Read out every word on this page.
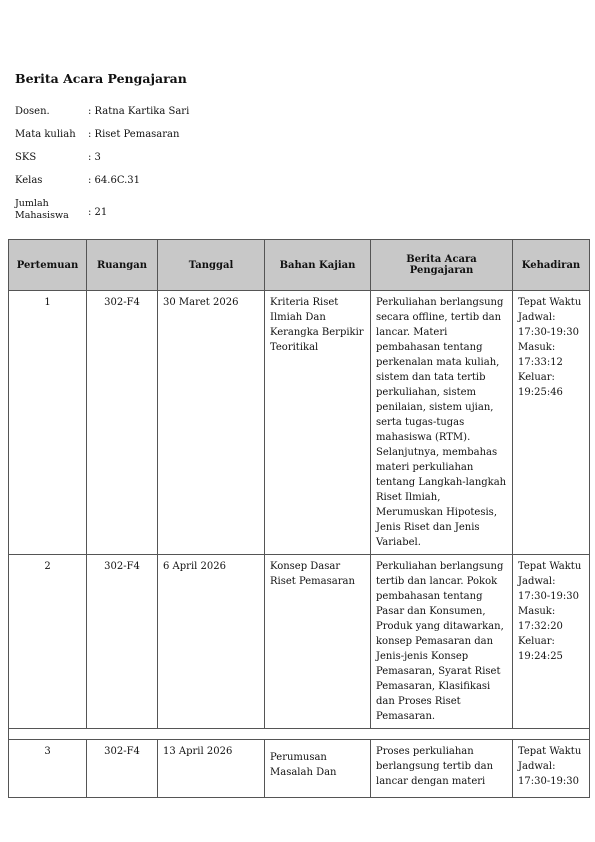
Berita Acara Pengajaran
Dosen.	: Ratna Kartika Sari
Mata kuliah : Riset Pemasaran
SKS	: 3
Kelas	: 64.6C.31
Jumlah
Mahasiswa : 21
Pertemuan	Ruangan	Tanggal	Bahan Kajian	Berita Acara Pengajaran	Kehadiran
1	302-F4	30 Maret 2026	Kriteria Riset Ilmiah Dan Kerangka Berpikir Teoritikal	Perkuliahan berlangsung secara offline, tertib dan lancar. Materi pembahasan tentang perkenalan mata kuliah, sistem dan tata tertib perkuliahan, sistem penilaian, sistem ujian, serta tugas-tugas mahasiswa (RTM). Selanjutnya, membahas materi perkuliahan tentang Langkah-langkah Riset Ilmiah, Merumuskan Hipotesis, Jenis Riset dan Jenis Variabel.	Tepat Waktu Jadwal: 17:30-19:30 Masuk: 17:33:12 Keluar: 19:25:46
2	302-F4	6 April 2026	Konsep Dasar Riset Pemasaran	Perkuliahan berlangsung tertib dan lancar. Pokok pembahasan tentang Pasar dan Konsumen, Produk yang ditawarkan, konsep Pemasaran dan Jenis-jenis Konsep Pemasaran, Syarat Riset Pemasaran, Klasifikasi dan Proses Riset Pemasaran.	Tepat Waktu Jadwal: 17:30-19:30 Masuk: 17:32:20 Keluar: 19:24:25

3	302-F4	13 April 2026	Perumusan Masalah Dan	Proses perkuliahan berlangsung tertib dan lancar dengan materi	Tepat Waktu Jadwal: 17:30-19:30
